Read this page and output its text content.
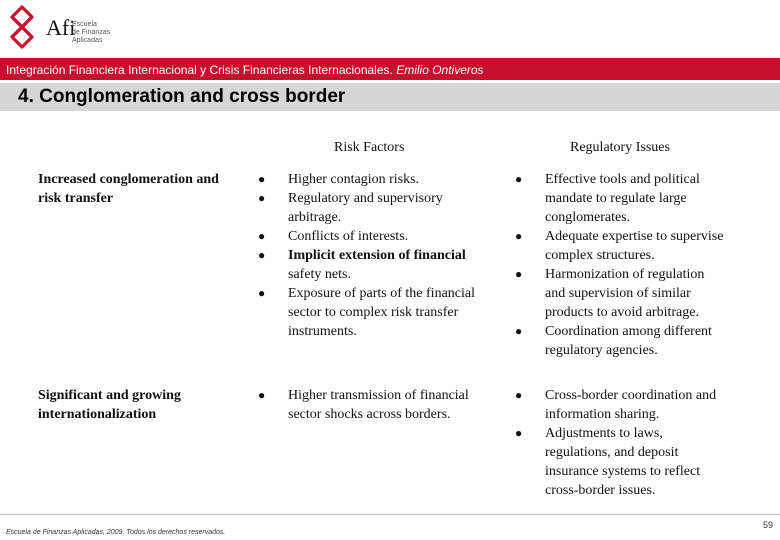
Afi
Escuela
de Finanzas
Aplicadas
Integración Financiera Internacional y Crisis Financieras Internacionales. Emilio Ontiveros
4. Conglomeration and cross border
Risk Factors	Regulatory Issues
Increased conglomeration and
risk transfer
● Higher contagion risks.
● Regulatory and supervisory
arbitrage.
● Conflicts of interests.
● Implicit extension of financial
safety nets.
● Exposure of parts of the financial
sector to complex risk transfer
instruments.
● Effective tools and political
mandate to regulate large
conglomerates.
● Adequate expertise to supervise
complex structures.
● Harmonization of regulation
and supervision of similar
products to avoid arbitrage.
● Coordination among different
regulatory agencies.
Significant and growing
internationalization
● Higher transmission of financial
sector shocks across borders.
● Cross-border coordination and
information sharing.
● Adjustments to laws,
regulations, and deposit
insurance systems to reflect
cross-border issues.
Escuela de Finanzas Aplicadas, 2009. Todos los derechos reservados.
59
